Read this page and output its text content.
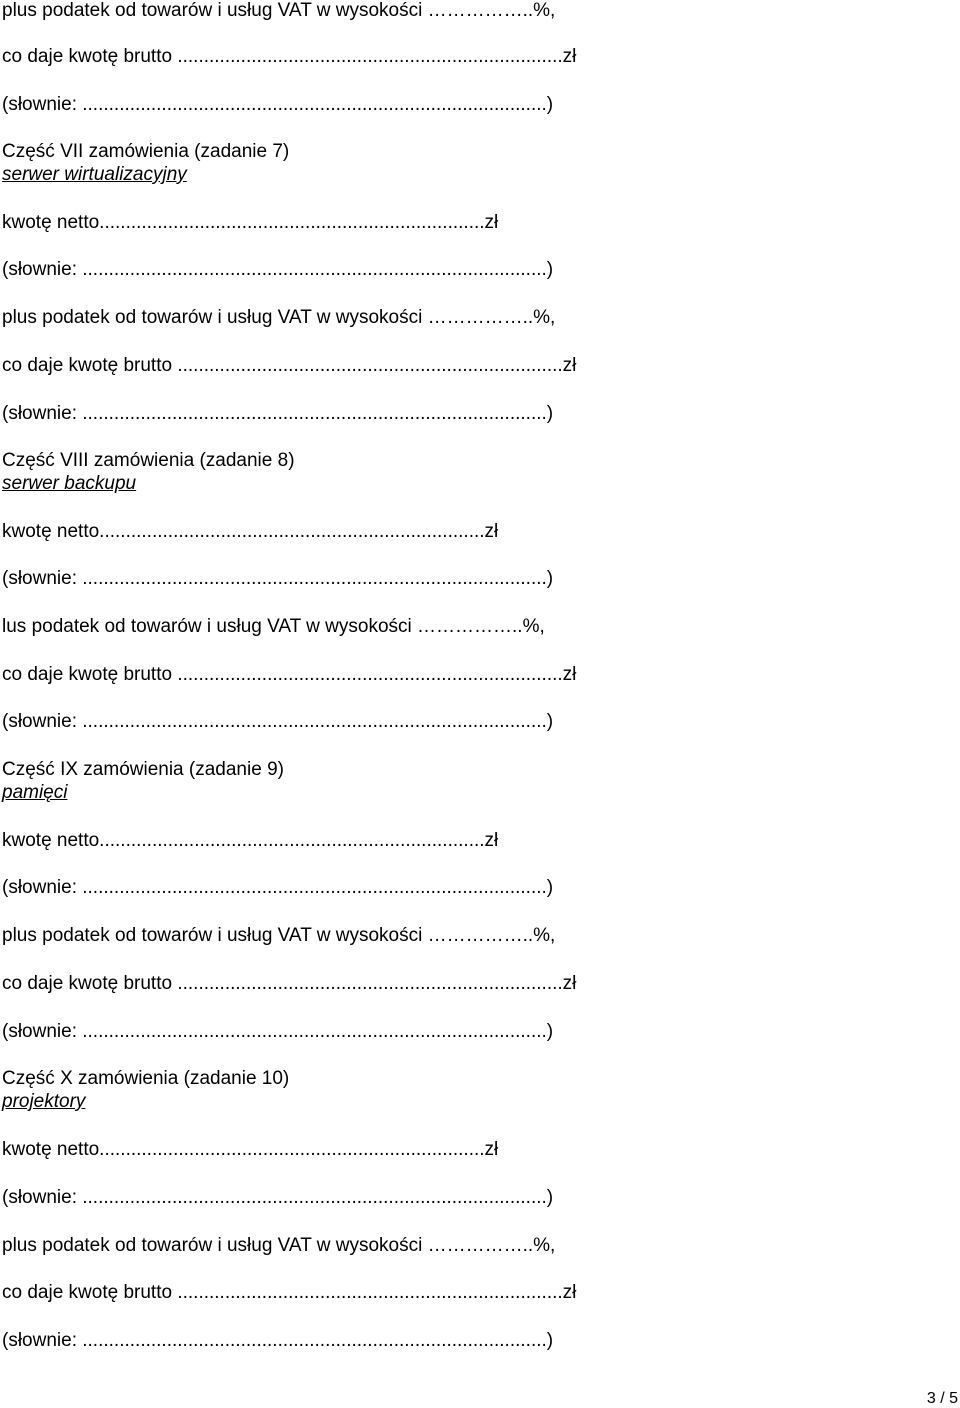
plus podatek od towarów i usług VAT w wysokości ……………..%,
co daje kwotę brutto .........................................................................zł
(słownie: ........................................................................................)
Część VII zamówienia (zadanie 7)
serwer wirtualizacyjny
kwotę netto.........................................................................zł
(słownie: ........................................................................................)
plus podatek od towarów i usług VAT w wysokości ……………..%,
co daje kwotę brutto .........................................................................zł
(słownie: ........................................................................................)
Część VIII zamówienia (zadanie 8)
serwer backupu
kwotę netto.........................................................................zł
(słownie: ........................................................................................)
lus podatek od towarów i usług VAT w wysokości ……………..%,
co daje kwotę brutto .........................................................................zł
(słownie: ........................................................................................)
Część IX zamówienia (zadanie 9)
pamięci
kwotę netto.........................................................................zł
(słownie: ........................................................................................)
plus podatek od towarów i usług VAT w wysokości ……………..%,
co daje kwotę brutto .........................................................................zł
(słownie: ........................................................................................)
Część X zamówienia (zadanie 10)
projektory
kwotę netto.........................................................................zł
(słownie: ........................................................................................)
plus podatek od towarów i usług VAT w wysokości ……………..%,
co daje kwotę brutto .........................................................................zł
(słownie: ........................................................................................)
3 / 5
